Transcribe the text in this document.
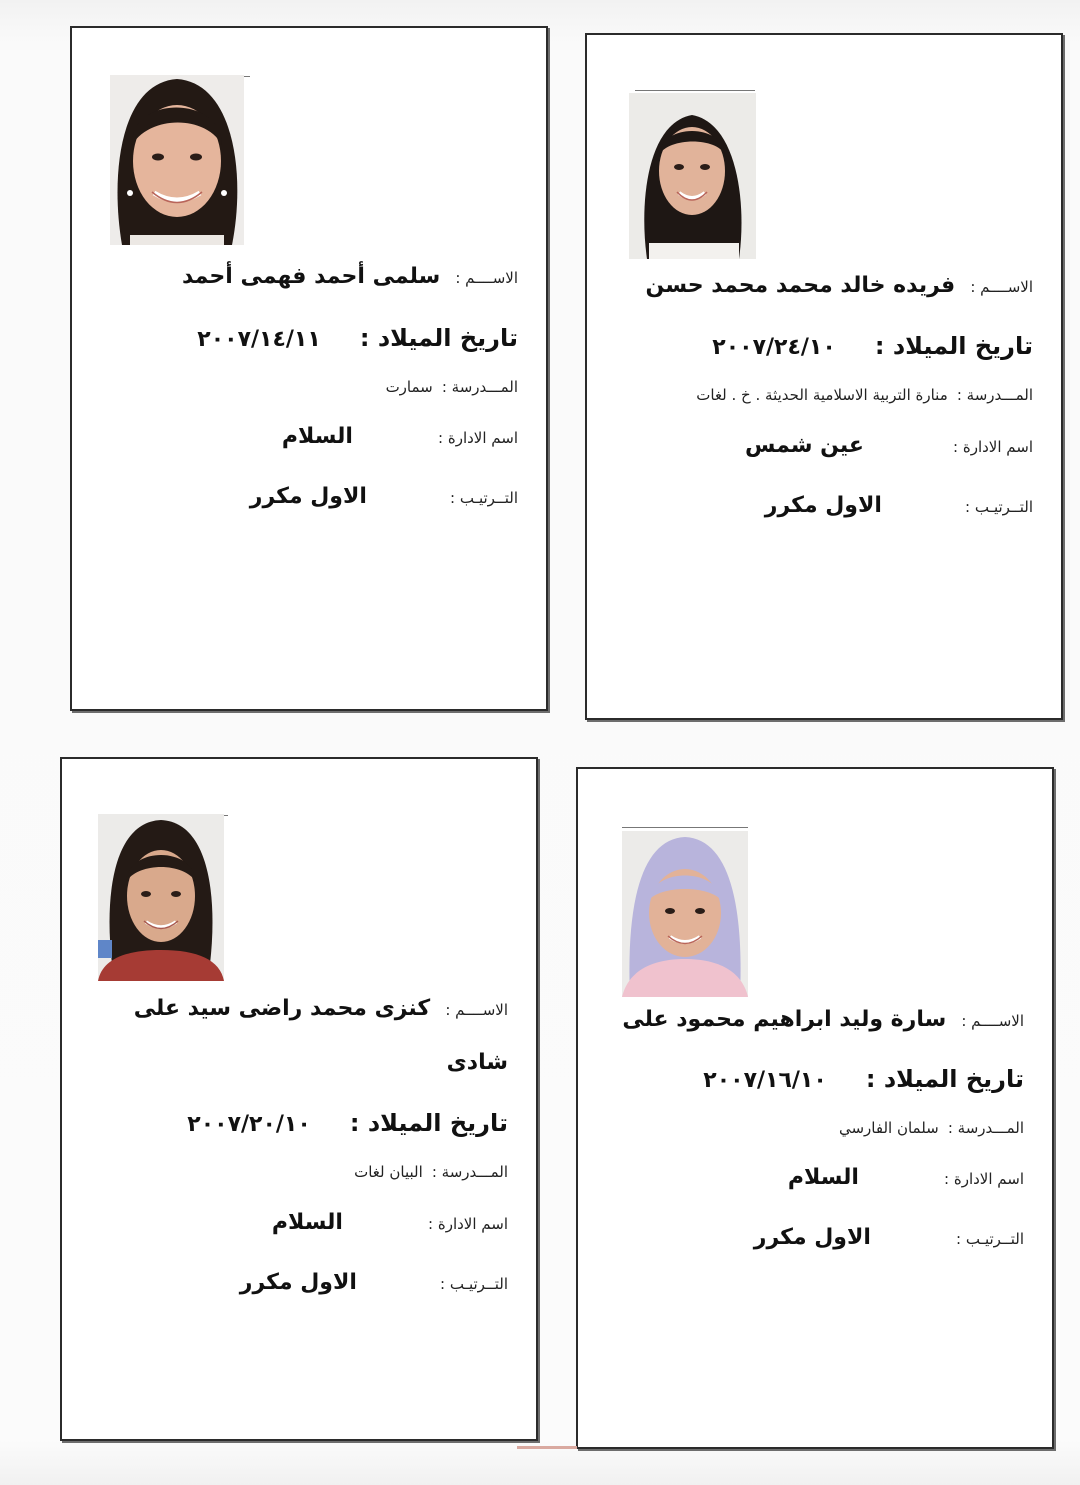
الاســــم : فريده خالد محمد محمد حسن
تاريخ الميلاد : ٢٠٠٧/٢٤/١٠
المـــدرسة : منارة التربية الاسلامية الحديثة . خ . لغات
اسم الادارة : عين شمس
التــرتيـب : الاول مكرر
الاســــم : سلمى أحمد فهمى أحمد
تاريخ الميلاد : ٢٠٠٧/١٤/١١
المـــدرسة : سمارت
اسم الادارة : السلام
التــرتيـب : الاول مكرر
الاســــم : سارة وليد ابراهيم محمود على
تاريخ الميلاد : ٢٠٠٧/١٦/١٠
المـــدرسة : سلمان الفارسي
اسم الادارة : السلام
التــرتيـب : الاول مكرر
الاســــم : كنزى محمد راضى سيد على
شادى
تاريخ الميلاد : ٢٠٠٧/٢٠/١٠
المـــدرسة : البيان لغات
اسم الادارة : السلام
التــرتيـب : الاول مكرر
